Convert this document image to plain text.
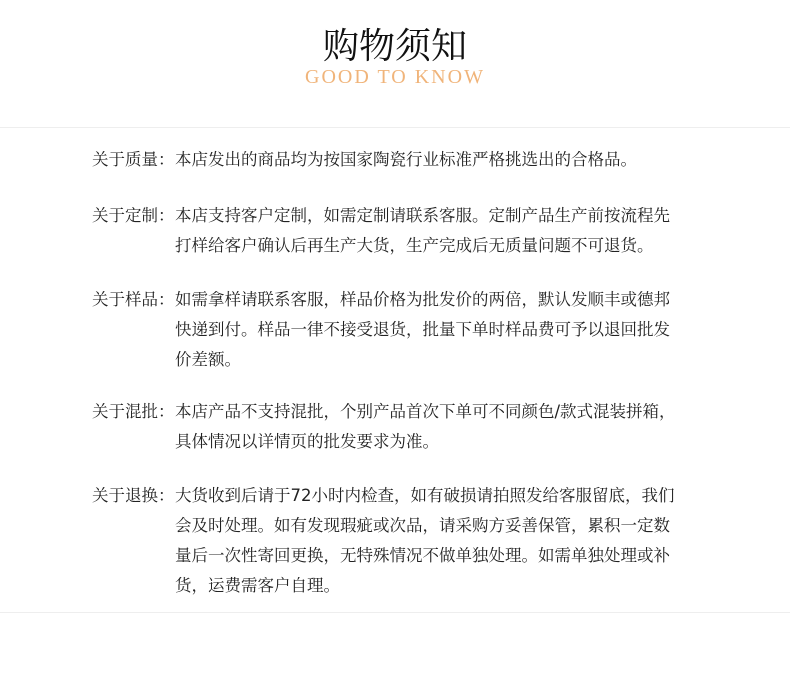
购物须知
GOOD TO KNOW
关于质量： 本店发出的商品均为按国家陶瓷行业标准严格挑选出的合格品。
关于定制： 本店支持客户定制，如需定制请联系客服。定制产品生产前按流程先
打样给客户确认后再生产大货，生产完成后无质量问题不可退货。
关于样品： 如需拿样请联系客服，样品价格为批发价的两倍，默认发顺丰或德邦
快递到付。样品一律不接受退货，批量下单时样品费可予以退回批发
价差额。
关于混批： 本店产品不支持混批，个别产品首次下单可不同颜色/款式混装拼箱，
具体情况以详情页的批发要求为准。
关于退换： 大货收到后请于72小时内检查，如有破损请拍照发给客服留底，我们
会及时处理。如有发现瑕疵或次品，请采购方妥善保管，累积一定数
量后一次性寄回更换，无特殊情况不做单独处理。如需单独处理或补
货，运费需客户自理。
